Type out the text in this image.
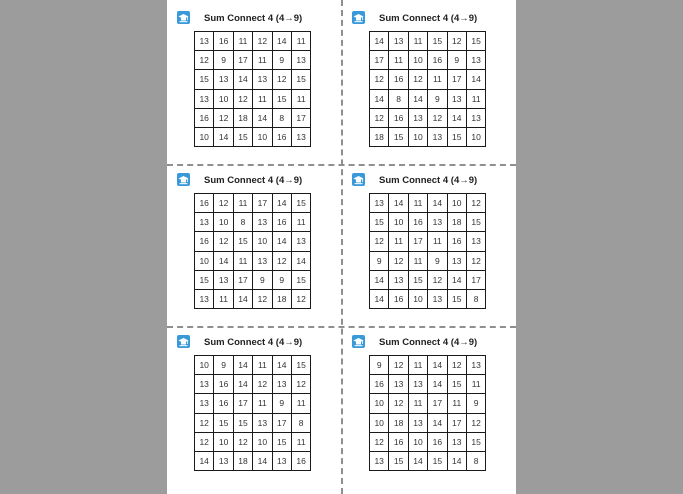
Sum Connect 4 (4→9)
13	16	11	12	14	11
12	9	17	11	9	13
15	13	14	13	12	15
13	10	12	11	15	11
16	12	18	14	8	17
10	14	15	10	16	13
Sum Connect 4 (4→9)
14	13	11	15	12	15
17	11	10	16	9	13
12	16	12	11	17	14
14	8	14	9	13	11
12	16	13	12	14	13
18	15	10	13	15	10
Sum Connect 4 (4→9)
16	12	11	17	14	15
13	10	8	13	16	11
16	12	15	10	14	13
10	14	11	13	12	14
15	13	17	9	9	15
13	11	14	12	18	12
Sum Connect 4 (4→9)
13	14	11	14	10	12
15	10	16	13	18	15
12	11	17	11	16	13
9	12	11	9	13	12
14	13	15	12	14	17
14	16	10	13	15	8
Sum Connect 4 (4→9)
10	9	14	11	14	15
13	16	14	12	13	12
13	16	17	11	9	11
12	15	15	13	17	8
12	10	12	10	15	11
14	13	18	14	13	16
Sum Connect 4 (4→9)
9	12	11	14	12	13
16	13	13	14	15	11
10	12	11	17	11	9
10	18	13	14	17	12
12	16	10	16	13	15
13	15	14	15	14	8
